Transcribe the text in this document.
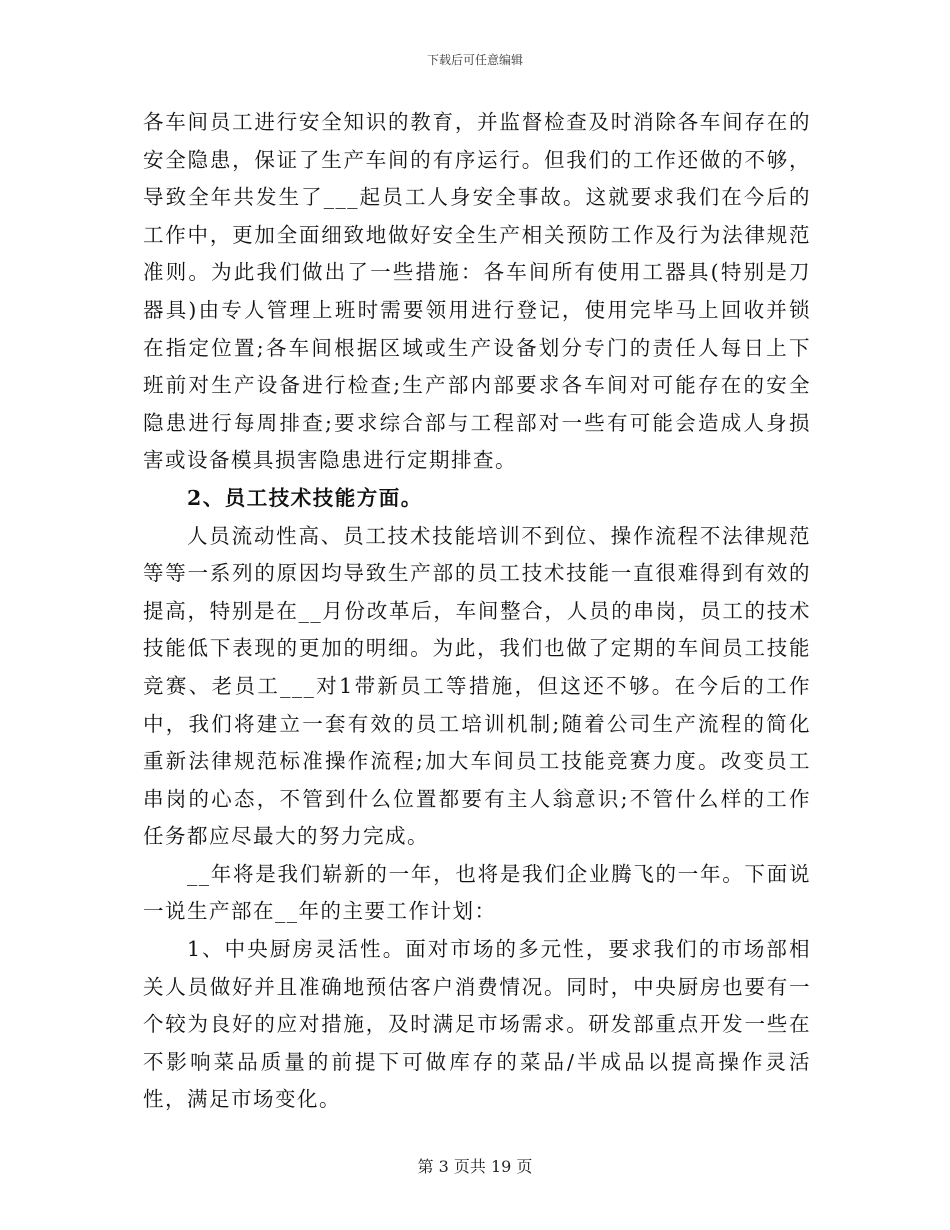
下载后可任意编辑

各车间员工进行安全知识的教育，并监督检查及时消除各车间存在的安全隐患，保证了生产车间的有序运行。但我们的工作还做的不够，导致全年共发生了___起员工人身安全事故。这就要求我们在今后的工作中，更加全面细致地做好安全生产相关预防工作及行为法律规范准则。为此我们做出了一些措施：各车间所有使用工器具(特别是刀器具)由专人管理上班时需要领用进行登记，使用完毕马上回收并锁在指定位置;各车间根据区域或生产设备划分专门的责任人每日上下班前对生产设备进行检查;生产部内部要求各车间对可能存在的安全隐患进行每周排查;要求综合部与工程部对一些有可能会造成人身损害或设备模具损害隐患进行定期排查。

2、员工技术技能方面。

人员流动性高、员工技术技能培训不到位、操作流程不法律规范等等一系列的原因均导致生产部的员工技术技能一直很难得到有效的提高，特别是在__月份改革后，车间整合，人员的串岗，员工的技术技能低下表现的更加的明细。为此，我们也做了定期的车间员工技能竞赛、老员工___对1带新员工等措施，但这还不够。在今后的工作中，我们将建立一套有效的员工培训机制;随着公司生产流程的简化重新法律规范标准操作流程;加大车间员工技能竞赛力度。改变员工串岗的心态，不管到什么位置都要有主人翁意识;不管什么样的工作任务都应尽最大的努力完成。

__年将是我们崭新的一年，也将是我们企业腾飞的一年。下面说一说生产部在__年的主要工作计划：

1、中央厨房灵活性。面对市场的多元性，要求我们的市场部相关人员做好并且准确地预估客户消费情况。同时，中央厨房也要有一个较为良好的应对措施，及时满足市场需求。研发部重点开发一些在不影响菜品质量的前提下可做库存的菜品/半成品以提高操作灵活性，满足市场变化。

第 3 页共 19 页
